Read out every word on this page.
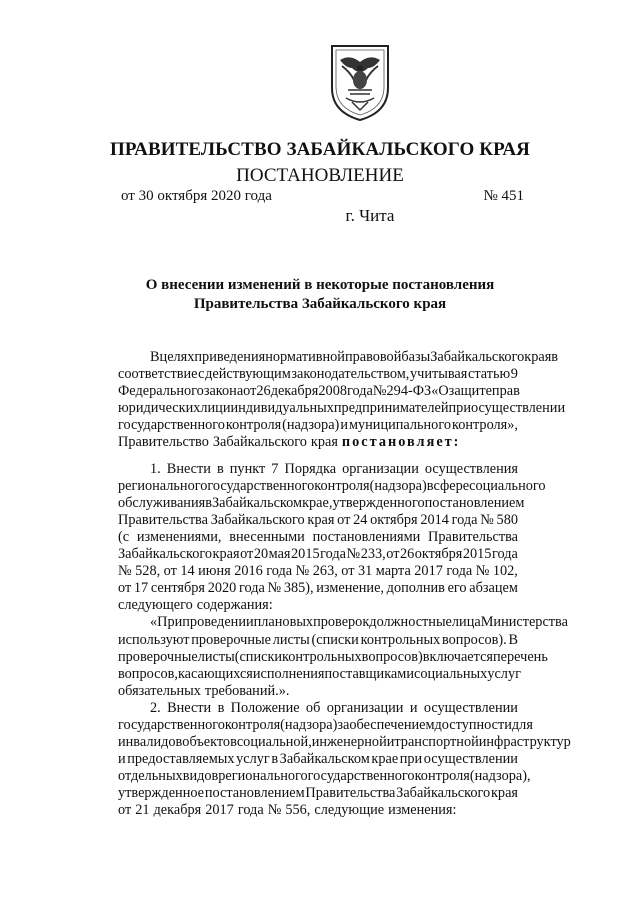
ПРАВИТЕЛЬСТВО ЗАБАЙКАЛЬСКОГО КРАЯ
ПОСТАНОВЛЕНИЕ
от 30 октября 2020 года	№ 451
г. Чита
О внесении изменений в некоторые постановления Правительства Забайкальского края
В целях приведения нормативной правовой базы Забайкальского края в
соответствие с действующим законодательством, учитывая статью 9
Федерального закона от 26 декабря 2008 года № 294-ФЗ «О защите прав
юридических лиц и индивидуальных предпринимателей при осуществлении
государственного контроля (надзора) и муниципального контроля»,
Правительство Забайкальского края постановляет:
1. Внести в пункт 7 Порядка организации осуществления
регионального государственного контроля (надзора) в сфере социального
обслуживания в Забайкальском крае, утвержденного постановлением
Правительства Забайкальского края от 24 октября 2014 года № 580
(с изменениями, внесенными постановлениями Правительства
Забайкальского края от 20 мая 2015 года № 233, от 26 октября 2015 года
№ 528, от 14 июня 2016 года № 263, от 31 марта 2017 года № 102,
от 17 сентября 2020 года № 385), изменение, дополнив его абзацем
следующего содержания:
«При проведении плановых проверок должностные лица Министерства
используют проверочные листы (списки контрольных вопросов). В
проверочные листы (списки контрольных вопросов) включается перечень
вопросов, касающихся исполнения поставщиками социальных услуг
обязательных требований.».
2. Внести в Положение об организации и осуществлении
государственного контроля (надзора) за обеспечением доступности для
инвалидов объектов социальной, инженерной и транспортной инфраструктур
и предоставляемых услуг в Забайкальском крае при осуществлении
отдельных видов регионального государственного контроля (надзора),
утвержденное постановлением Правительства Забайкальского края
от 21 декабря 2017 года № 556, следующие изменения:
